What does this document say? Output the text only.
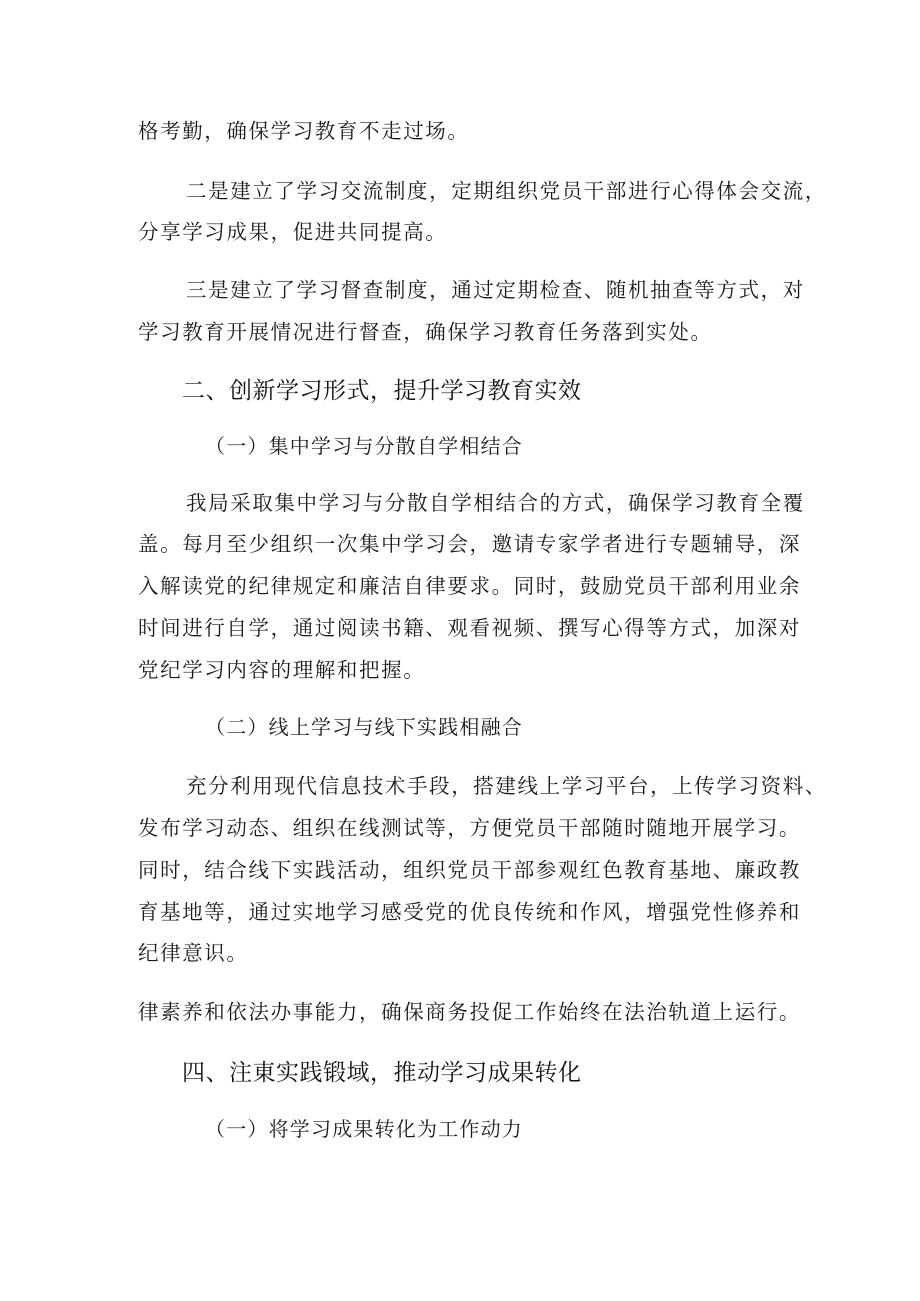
格考勤，确保学习教育不走过场。
二是建立了学习交流制度，定期组织党员干部进行心得体会交流，
分享学习成果，促进共同提高。
三是建立了学习督查制度，通过定期检查、随机抽查等方式，对
学习教育开展情况进行督查，确保学习教育任务落到实处。
二、创新学习形式，提升学习教育实效
（一）集中学习与分散自学相结合
我局采取集中学习与分散自学相结合的方式，确保学习教育全覆
盖。每月至少组织一次集中学习会，邀请专家学者进行专题辅导，深
入解读党的纪律规定和廉洁自律要求。同时，鼓励党员干部利用业余
时间进行自学，通过阅读书籍、观看视频、撰写心得等方式，加深对
党纪学习内容的理解和把握。
（二）线上学习与线下实践相融合
充分利用现代信息技术手段，搭建线上学习平台，上传学习资料、
发布学习动态、组织在线测试等，方便党员干部随时随地开展学习。
同时，结合线下实践活动，组织党员干部参观红色教育基地、廉政教
育基地等，通过实地学习感受党的优良传统和作风，增强党性修养和
纪律意识。
律素养和依法办事能力，确保商务投促工作始终在法治轨道上运行。
四、注東实践锻域，推动学习成果转化
（一）将学习成果转化为工作动力
